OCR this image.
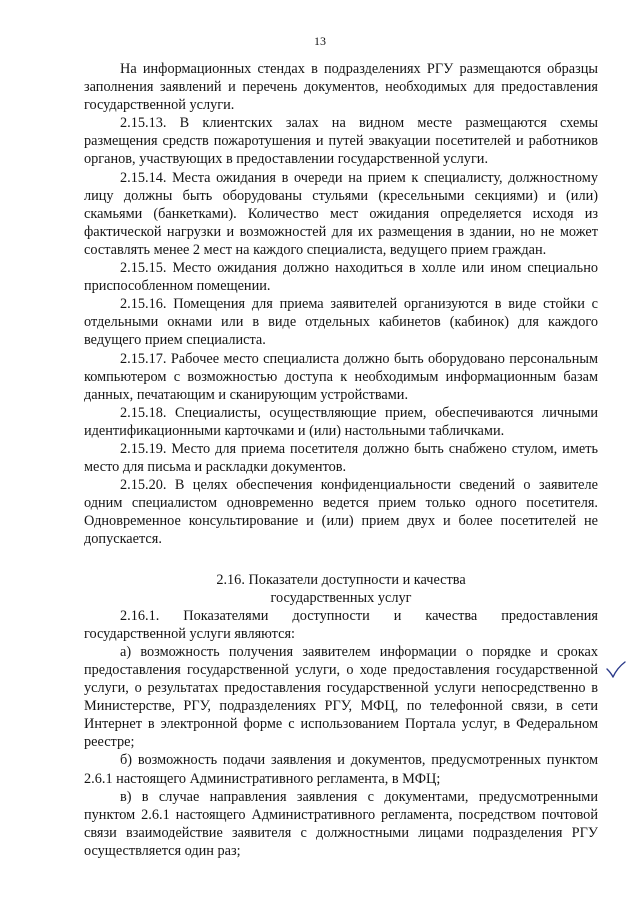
13

На информационных стендах в подразделениях РГУ размещаются образцы заполнения заявлений и перечень документов, необходимых для предоставления государственной услуги.

2.15.13. В клиентских залах на видном месте размещаются схемы размещения средств пожаротушения и путей эвакуации посетителей и работников органов, участвующих в предоставлении государственной услуги.

2.15.14. Места ожидания в очереди на прием к специалисту, должностному лицу должны быть оборудованы стульями (кресельными секциями) и (или) скамьями (банкетками). Количество мест ожидания определяется исходя из фактической нагрузки и возможностей для их размещения в здании, но не может составлять менее 2 мест на каждого специалиста, ведущего прием граждан.

2.15.15. Место ожидания должно находиться в холле или ином специально приспособленном помещении.

2.15.16. Помещения для приема заявителей организуются в виде стойки с отдельными окнами или в виде отдельных кабинетов (кабинок) для каждого ведущего прием специалиста.

2.15.17. Рабочее место специалиста должно быть оборудовано персональным компьютером с возможностью доступа к необходимым информационным базам данных, печатающим и сканирующим устройствами.

2.15.18. Специалисты, осуществляющие прием, обеспечиваются личными идентификационными карточками и (или) настольными табличками.

2.15.19. Место для приема посетителя должно быть снабжено стулом, иметь место для письма и раскладки документов.

2.15.20. В целях обеспечения конфиденциальности сведений о заявителе одним специалистом одновременно ведется прием только одного посетителя. Одновременное консультирование и (или) прием двух и более посетителей не допускается.

2.16. Показатели доступности и качества
государственных услуг

2.16.1. Показателями доступности и качества предоставления государственной услуги являются:

а) возможность получения заявителем информации о порядке и сроках предоставления государственной услуги, о ходе предоставления государственной услуги, о результатах предоставления государственной услуги непосредственно в Министерстве, РГУ, подразделениях РГУ, МФЦ, по телефонной связи, в сети Интернет в электронной форме с использованием Портала услуг, в Федеральном реестре;

б) возможность подачи заявления и документов, предусмотренных пунктом 2.6.1 настоящего Административного регламента, в МФЦ;

в) в случае направления заявления с документами, предусмотренными пунктом 2.6.1 настоящего Административного регламента, посредством почтовой связи взаимодействие заявителя с должностными лицами подразделения РГУ осуществляется один раз;
